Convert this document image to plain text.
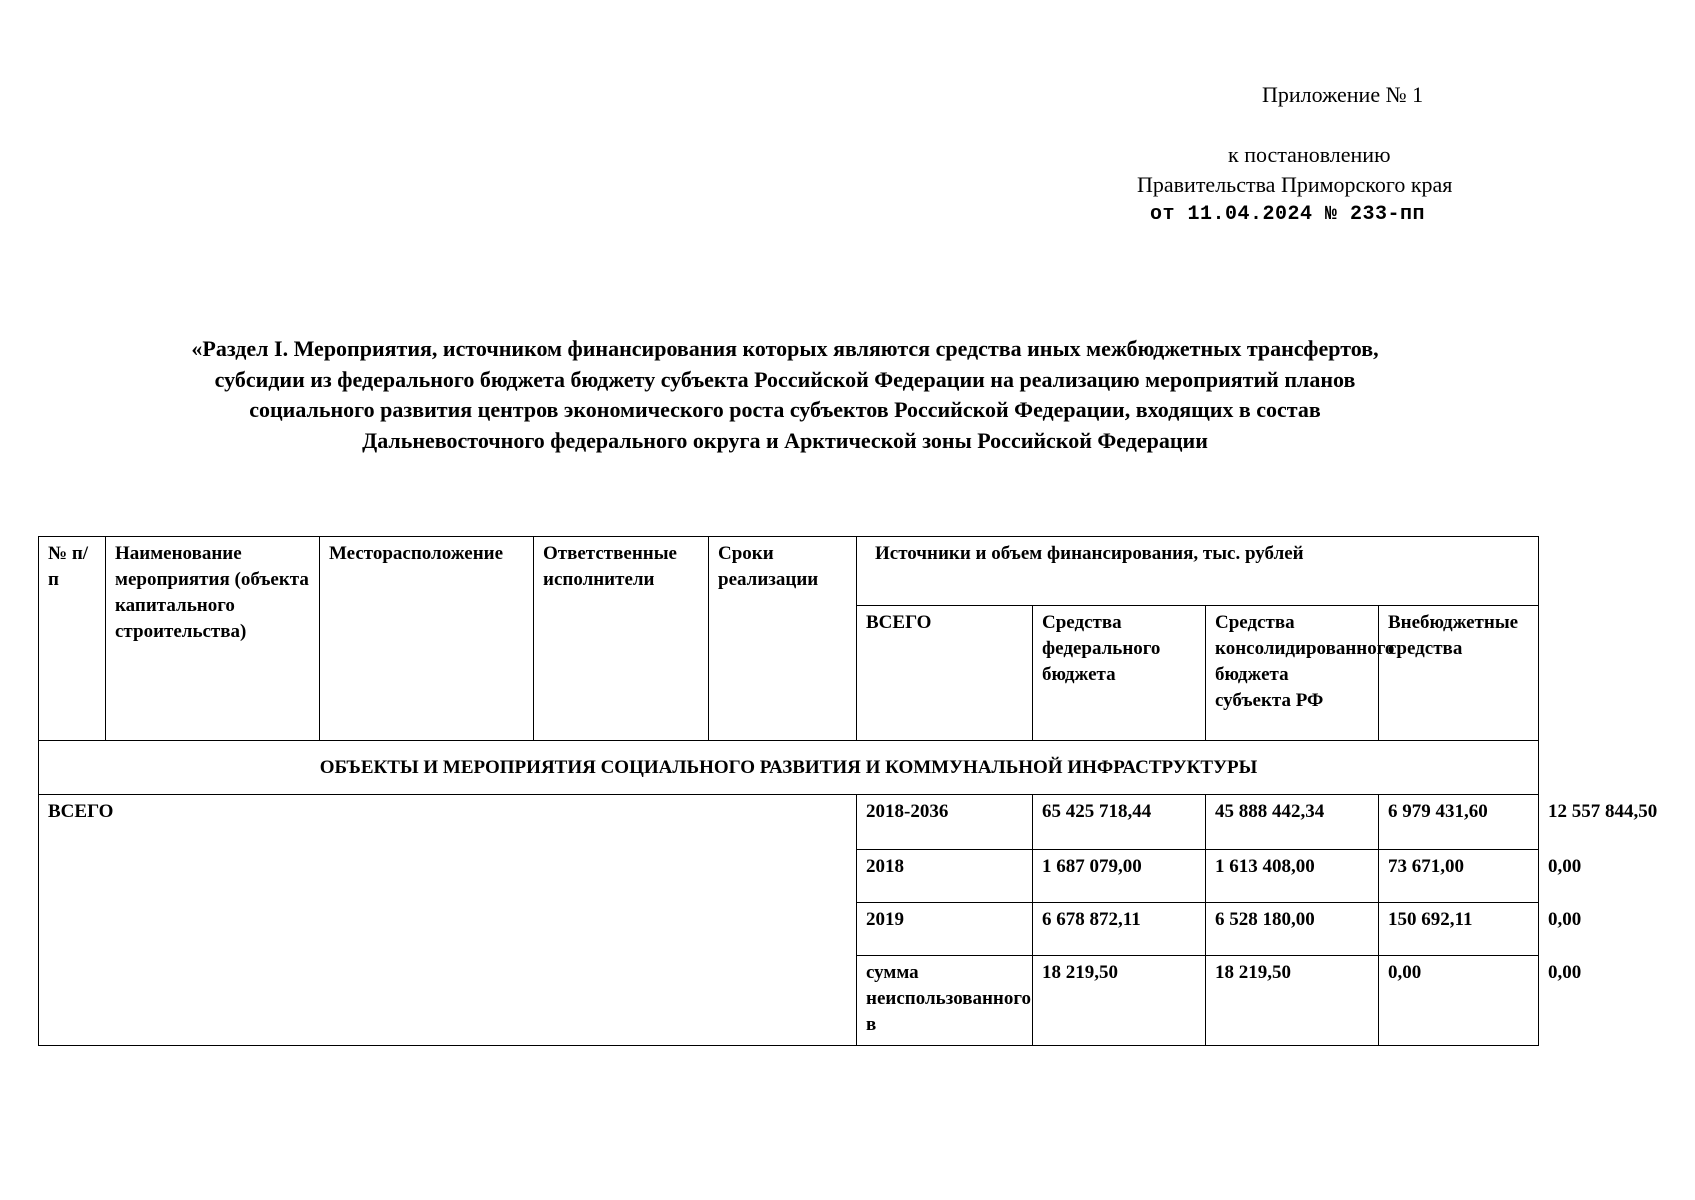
Приложение № 1
к постановлению
Правительства Приморского края
от 11.04.2024 № 233-пп
«Раздел I. Мероприятия, источником финансирования которых являются средства иных межбюджетных трансфертов,
субсидии из федерального бюджета бюджету субъекта Российской Федерации на реализацию мероприятий планов
социального развития центров экономического роста субъектов Российской Федерации, входящих в состав
Дальневосточного федерального округа и Арктической зоны Российской Федерации
№ п/п	Наименование мероприятия (объекта капитального строительства)	Месторасположение	Ответственные исполнители	Сроки реализации	Источники и объем финансирования, тыс. рублей				
					ВСЕГО	Средства федерального бюджета	Средства консолидированного бюджета субъекта РФ	Внебюджетные средства	
ОБЪЕКТЫ И МЕРОПРИЯТИЯ СОЦИАЛЬНОГО РАЗВИТИЯ И КОММУНАЛЬНОЙ ИНФРАСТРУКТУРЫ									
ВСЕГО					2018-2036	65 425 718,44	45 888 442,34	6 979 431,60	12 557 844,50
					2018	1 687 079,00	1 613 408,00	73 671,00	0,00
					2019	6 678 872,11	6 528 180,00	150 692,11	0,00
					сумма неиспользованного в	18 219,50	18 219,50	0,00	0,00
